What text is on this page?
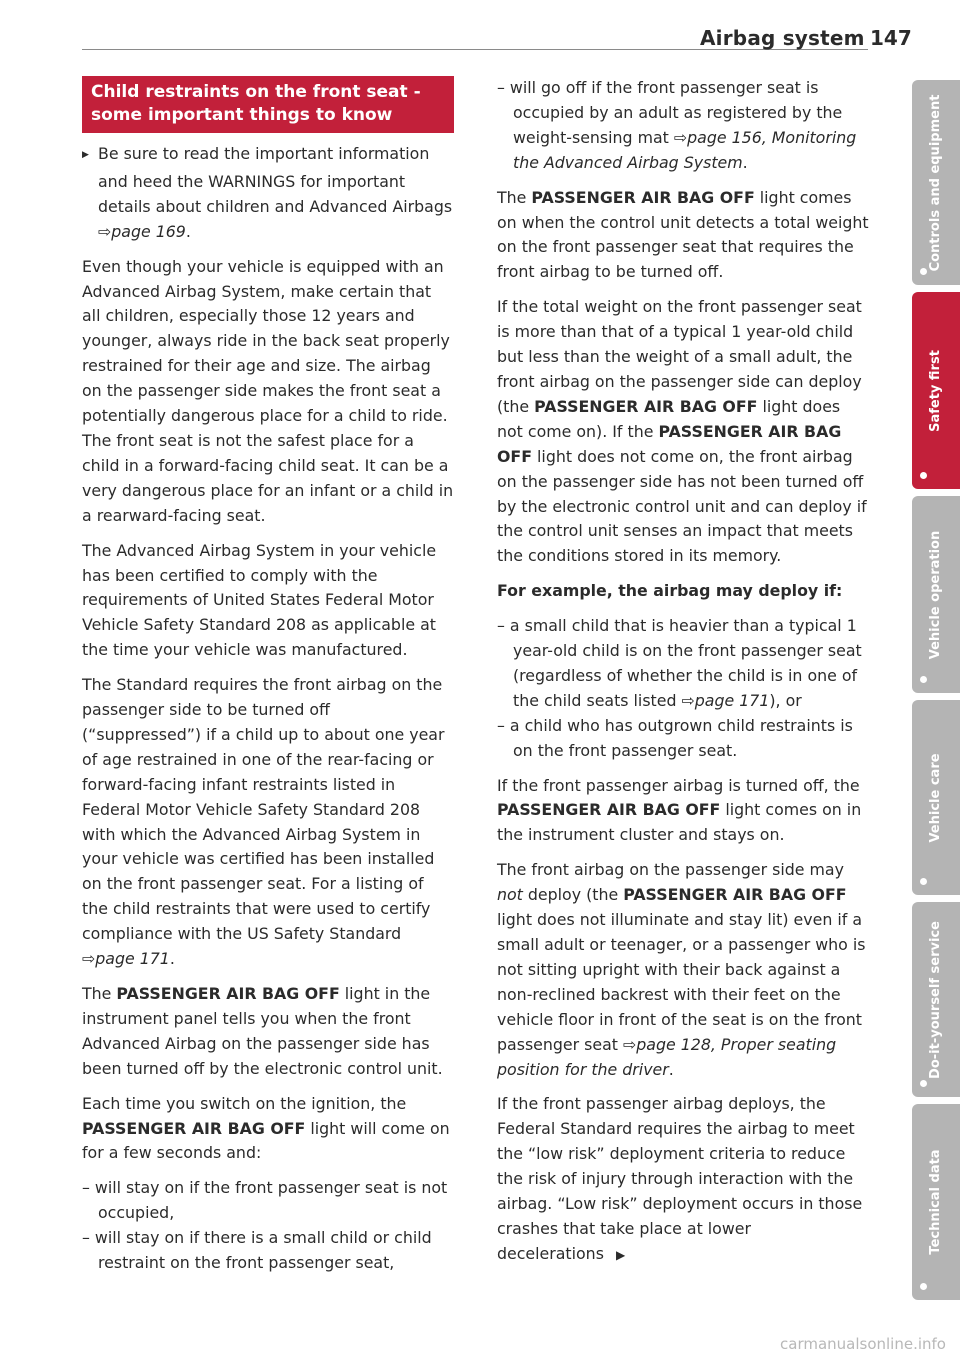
Airbag system 147
Child restraints on the front seat - some important things to know

▶Be sure to read the important information and heed the WARNINGS for important details about children and Advanced Airbags ⇨page 169.

Even though your vehicle is equipped with an Advanced Airbag System, make certain that all children, especially those 12 years and younger, always ride in the back seat properly restrained for their age and size. The airbag on the passenger side makes the front seat a potentially dangerous place for a child to ride. The front seat is not the safest place for a child in a forward-facing child seat. It can be a very dangerous place for an infant or a child in a rearward-facing seat.

The Advanced Airbag System in your vehicle has been certified to comply with the requirements of United States Federal Motor Vehicle Safety Standard 208 as applicable at the time your vehicle was manufactured.

The Standard requires the front airbag on the passenger side to be turned off (“suppressed”) if a child up to about one year of age restrained in one of the rear-facing or forward-facing infant restraints listed in Federal Motor Vehicle Safety Standard 208 with which the Advanced Airbag System in your vehicle was certified has been installed on the front passenger seat. For a listing of the child restraints that were used to certify compliance with the US Safety Standard ⇨page 171.

The PASSENGER AIR BAG OFF light in the instrument panel tells you when the front Advanced Airbag on the passenger side has been turned off by the electronic control unit.

Each time you switch on the ignition, the PASSENGER AIR BAG OFF light will come on for a few seconds and:

– will stay on if the front passenger seat is not occupied,

– will stay on if there is a small child or child restraint on the front passenger seat,

– will go off if the front passenger seat is occupied by an adult as registered by the weight-sensing mat ⇨page 156, Monitoring the Advanced Airbag System.

The PASSENGER AIR BAG OFF light comes on when the control unit detects a total weight on the front passenger seat that requires the front airbag to be turned off.

If the total weight on the front passenger seat is more than that of a typical 1 year-old child but less than the weight of a small adult, the front airbag on the passenger side can deploy (the PASSENGER AIR BAG OFF light does not come on). If the PASSENGER AIR BAG OFF light does not come on, the front airbag on the passenger side has not been turned off by the electronic control unit and can deploy if the control unit senses an impact that meets the conditions stored in its memory.

For example, the airbag may deploy if:

– a small child that is heavier than a typical 1 year-old child is on the front passenger seat (regardless of whether the child is in one of the child seats listed ⇨page 171), or

– a child who has outgrown child restraints is on the front passenger seat.

If the front passenger airbag is turned off, the PASSENGER AIR BAG OFF light comes on in the instrument cluster and stays on.

The front airbag on the passenger side may not deploy (the PASSENGER AIR BAG OFF light does not illuminate and stay lit) even if a small adult or teenager, or a passenger who is not sitting upright with their back against a non-reclined backrest with their feet on the vehicle floor in front of the seat is on the front passenger seat ⇨page 128, Proper seating position for the driver.

If the front passenger airbag deploys, the Federal Standard requires the airbag to meet the “low risk” deployment criteria to reduce the risk of injury through interaction with the airbag. “Low risk” deployment occurs in those crashes that take place at lower decelerations ▶

Controls and equipment
Safety first
Vehicle operation
Vehicle care
Do-it-yourself service
Technical data
carmanualsonline.info
